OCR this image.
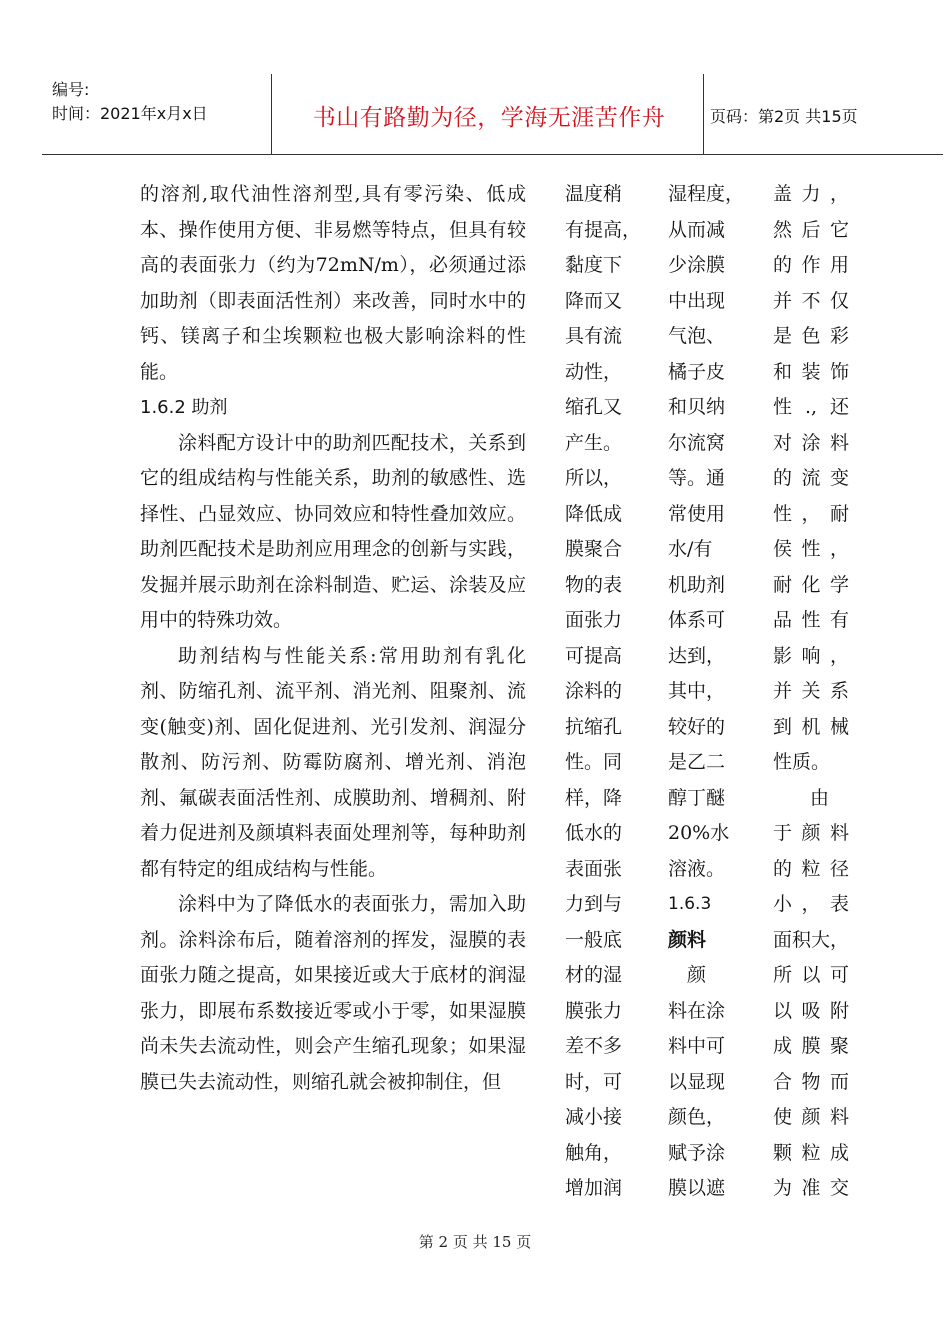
编号:
时间：2021年x月x日	书山有路勤为径，学海无涯苦作舟	页码：第2页 共15页

的溶剂,取代油性溶剂型,具有零污染、低成本、操作使用方便、非易燃等特点，但具有较高的表面张力（约为72mN/m），必须通过添加助剂（即表面活性剂）来改善，同时水中的钙、镁离子和尘埃颗粒也极大影响涂料的性能。

1.6.2 助剂

涂料配方设计中的助剂匹配技术，关系到它的组成结构与性能关系，助剂的敏感性、选择性、凸显效应、协同效应和特性叠加效应。助剂匹配技术是助剂应用理念的创新与实践，发掘并展示助剂在涂料制造、贮运、涂装及应用中的特殊功效。

助剂结构与性能关系:常用助剂有乳化剂、防缩孔剂、流平剂、消光剂、阻聚剂、流变(触变)剂、固化促进剂、光引发剂、润湿分散剂、防污剂、防霉防腐剂、增光剂、消泡剂、氟碳表面活性剂、成膜助剂、增稠剂、附着力促进剂及颜填料表面处理剂等，每种助剂都有特定的组成结构与性能。

涂料中为了降低水的表面张力，需加入助剂。涂料涂布后，随着溶剂的挥发，湿膜的表面张力随之提高，如果接近或大于底材的润湿张力，即展布系数接近零或小于零，如果湿膜尚未失去流动性，则会产生缩孔现象；如果湿膜已失去流动性，则缩孔就会被抑制住，但

温度稍
有提高，
黏度下
降而又
具有流
动性，
缩孔又
产生。
所以，
降低成
膜聚合
物的表
面张力
可提高
涂料的
抗缩孔
性。同
样，降
低水的
表面张
力到与
一般底
材的湿
膜张力
差不多
时，可
减小接
触角，
增加润
湿程度，
从而减
少涂膜
中出现
气泡、
橘子皮
和贝纳
尔流窝
等。通
常使用
水/有
机助剂
体系可
达到，
其中，
较好的
是乙二
醇丁醚
20%水
溶液。
1.6.3
颜料
　颜
料在涂
料中可
以显现
颜色，
赋予涂
膜以遮
盖力，
然后它
的作用
并不仅
是色彩
和装饰
性.,还
对涂料
的流变
性，耐
侯性，
耐化学
品性有
影响，
并关系
到机械
性质。
　由
于颜料
的粒径
小，表
面积大，
所以可
以吸附
成膜聚
合物而
使颜料
颗粒成
为准交
第 2 页 共 15 页
